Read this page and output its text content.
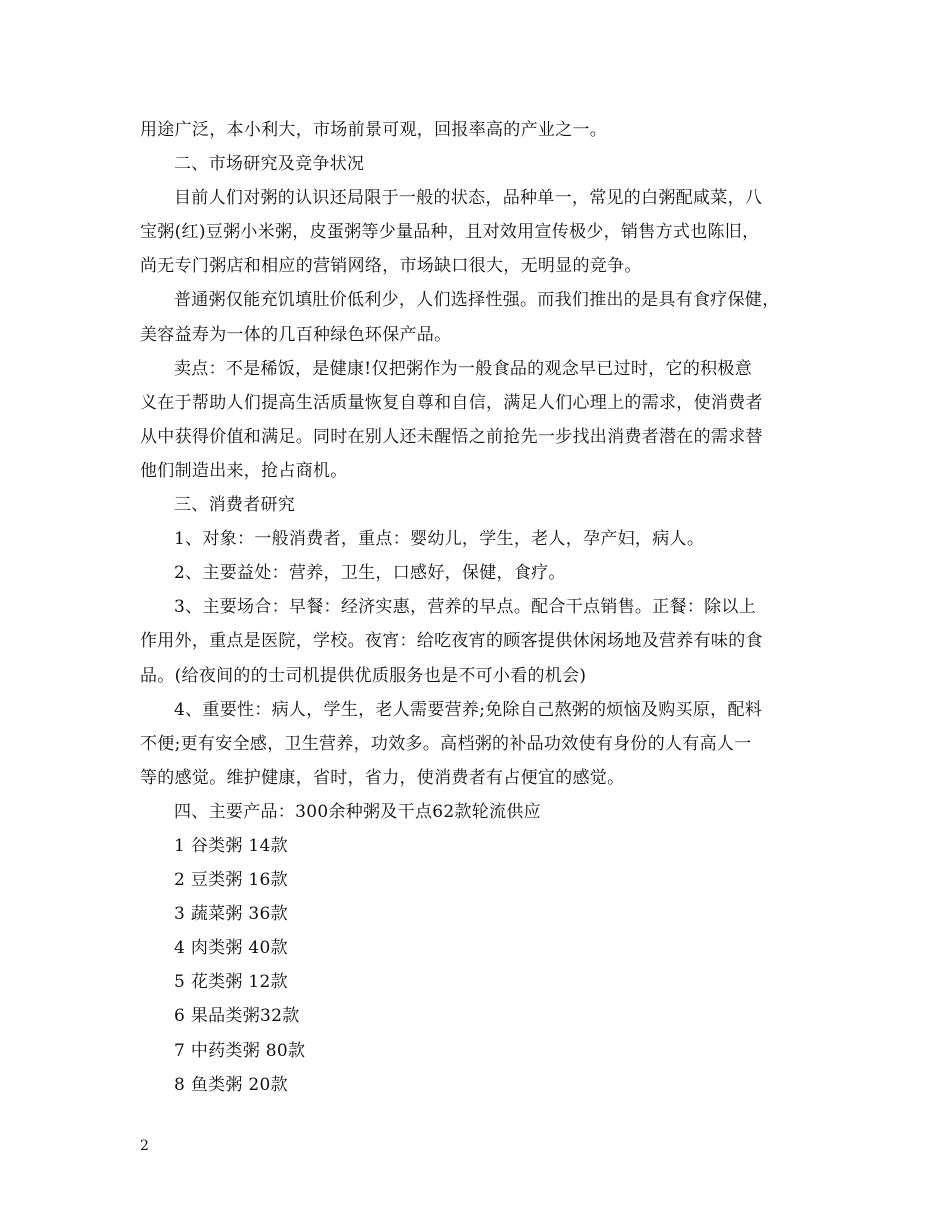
用途广泛，本小利大，市场前景可观，回报率高的产业之一。
二、市场研究及竞争状况
目前人们对粥的认识还局限于一般的状态，品种单一，常见的白粥配咸菜，八
宝粥(红)豆粥小米粥，皮蛋粥等少量品种，且对效用宣传极少，销售方式也陈旧，
尚无专门粥店和相应的营销网络，市场缺口很大，无明显的竞争。
普通粥仅能充饥填肚价低利少，人们选择性强。而我们推出的是具有食疗保健，
美容益寿为一体的几百种绿色环保产品。
卖点：不是稀饭，是健康!仅把粥作为一般食品的观念早已过时，它的积极意
义在于帮助人们提高生活质量恢复自尊和自信，满足人们心理上的需求，使消费者
从中获得价值和满足。同时在别人还未醒悟之前抢先一步找出消费者潜在的需求替
他们制造出来，抢占商机。
三、消费者研究
1、对象：一般消费者，重点：婴幼儿，学生，老人，孕产妇，病人。
2、主要益处：营养，卫生，口感好，保健，食疗。
3、主要场合：早餐：经济实惠，营养的早点。配合干点销售。正餐：除以上
作用外，重点是医院，学校。夜宵：给吃夜宵的顾客提供休闲场地及营养有味的食
品。(给夜间的的士司机提供优质服务也是不可小看的机会)
4、重要性：病人，学生，老人需要营养;免除自己熬粥的烦恼及购买原，配料
不便;更有安全感，卫生营养，功效多。高档粥的补品功效使有身份的人有高人一
等的感觉。维护健康，省时，省力，使消费者有占便宜的感觉。
四、主要产品：300余种粥及干点62款轮流供应
1 谷类粥 14款
2 豆类粥 16款
3 蔬菜粥 36款
4 肉类粥 40款
5 花类粥 12款
6 果品类粥32款
7 中药类粥 80款
8 鱼类粥 20款
2
